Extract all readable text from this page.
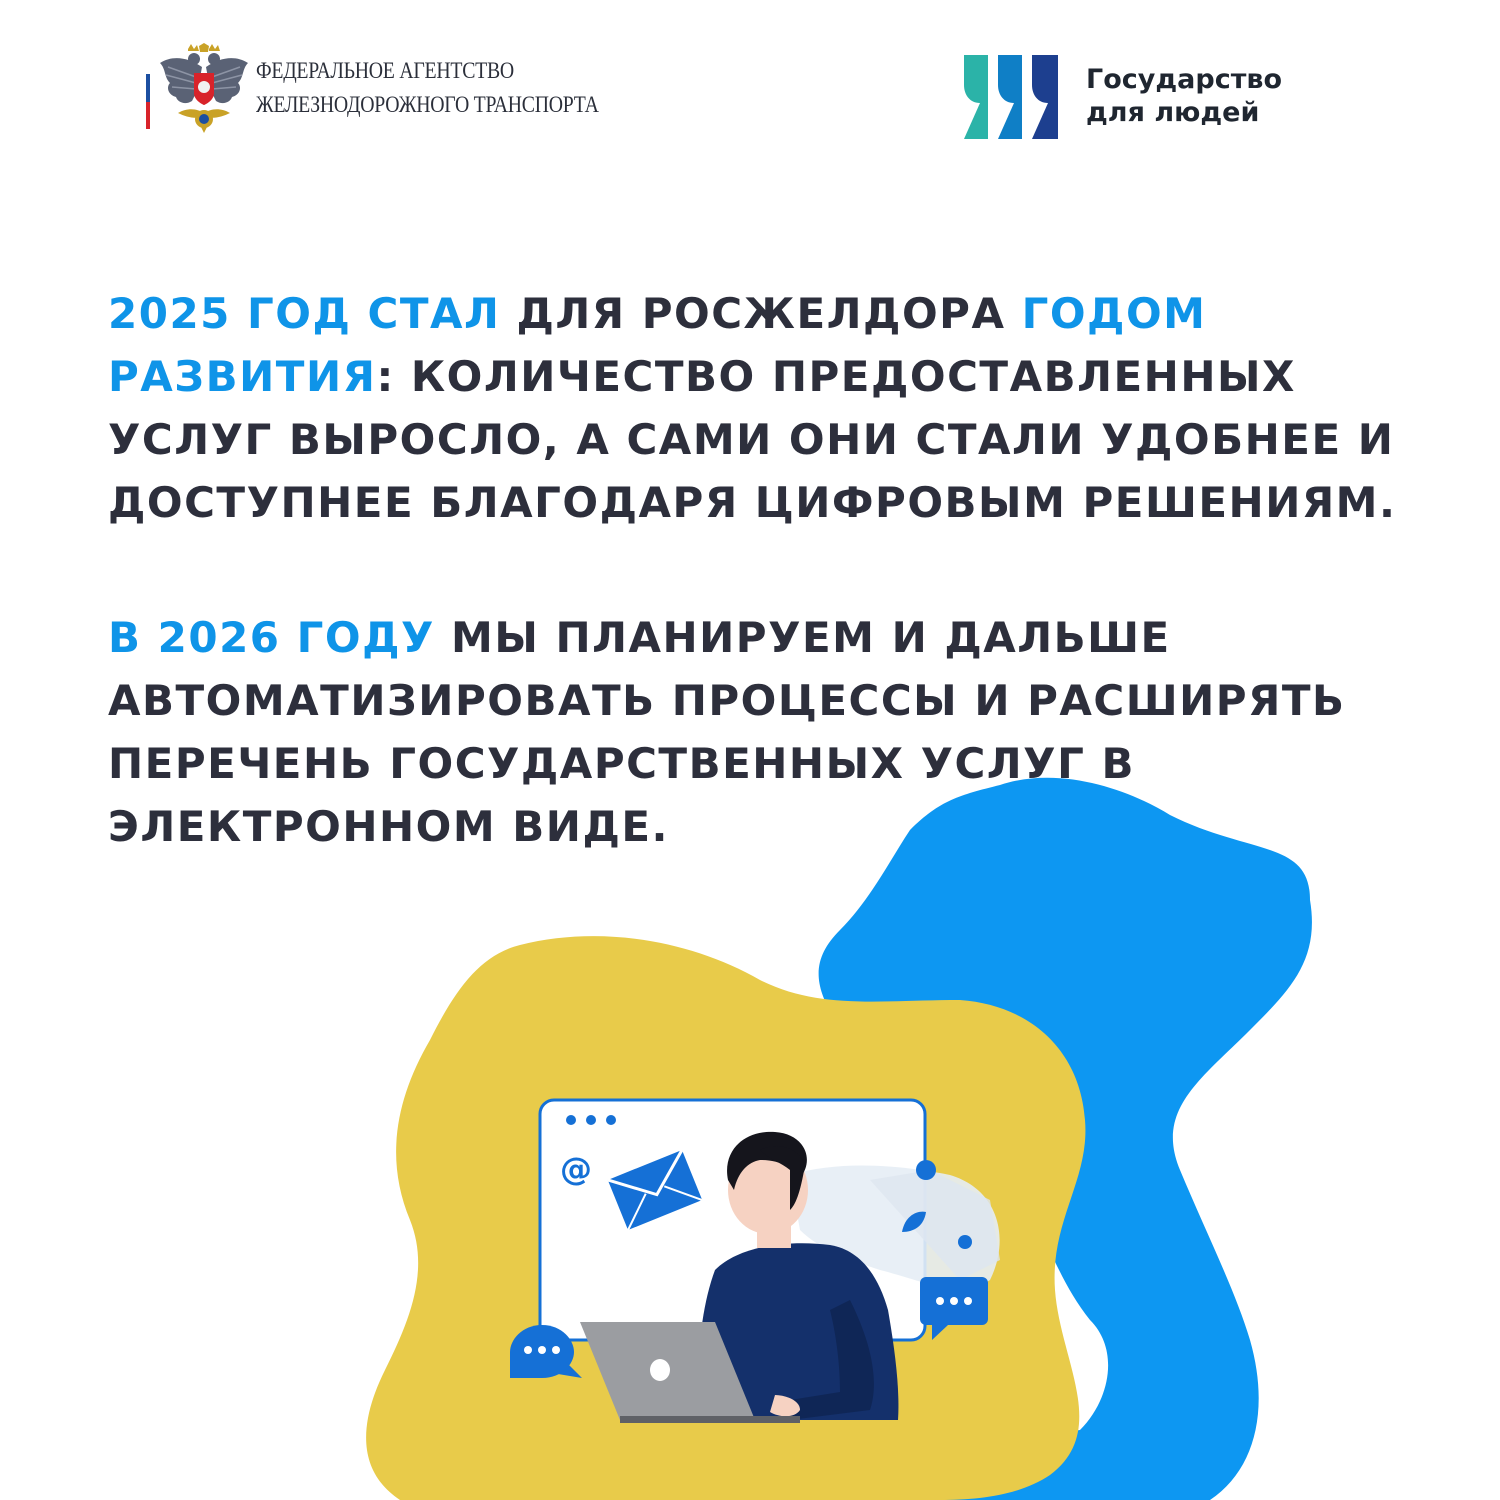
ФЕДЕРАЛЬНОЕ АГЕНТСТВО
ЖЕЛЕЗНОДОРОЖНОГО ТРАНСПОРТА
Государство
для людей
@
2025 ГОД СТАЛ ДЛЯ РОСЖЕЛДОРА ГОДОМ РАЗВИТИЯ: КОЛИЧЕСТВО ПРЕДОСТАВЛЕННЫХ УСЛУГ ВЫРОСЛО, А САМИ ОНИ СТАЛИ УДОБНЕЕ И ДОСТУПНЕЕ БЛАГОДАРЯ ЦИФРОВЫМ РЕШЕНИЯМ.
В 2026 ГОДУ МЫ ПЛАНИРУЕМ И ДАЛЬШЕ АВТОМАТИЗИРОВАТЬ ПРОЦЕССЫ И РАСШИРЯТЬ ПЕРЕЧЕНЬ ГОСУДАРСТВЕННЫХ УСЛУГ В ЭЛЕКТРОННОМ ВИДЕ.
